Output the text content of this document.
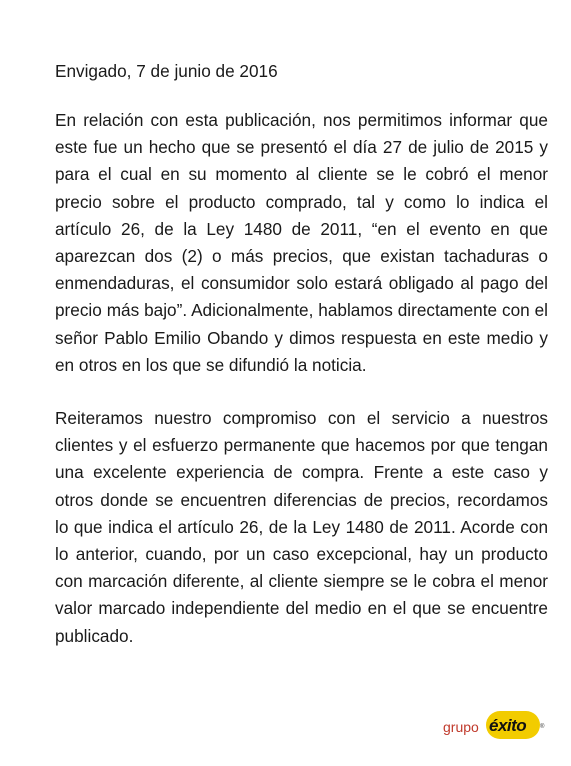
Envigado, 7 de junio de 2016

En relación con esta publicación, nos permitimos informar que este fue un hecho que se presentó el día 27 de julio de 2015 y para el cual en su momento al cliente se le cobró el menor precio sobre el producto comprado, tal y como lo indica el artículo 26, de la Ley 1480 de 2011, “en el evento en que aparezcan dos (2) o más precios, que existan tachaduras o enmendaduras, el consumidor solo estará obligado al pago del precio más bajo”. Adicionalmente, hablamos directamente con el señor Pablo Emilio Obando y dimos respuesta en este medio y en otros en los que se difundió la noticia.

Reiteramos nuestro compromiso con el servicio a nuestros clientes y el esfuerzo permanente que hacemos por que tengan una excelente experiencia de compra. Frente a este caso y otros donde se encuentren diferencias de precios, recordamos lo que indica el artículo 26, de la Ley 1480 de 2011. Acorde con lo anterior, cuando, por un caso excepcional, hay un producto con marcación diferente, al cliente siempre se le cobra el menor valor marcado independiente del medio en el que se encuentre publicado.

grupo éxito ®
